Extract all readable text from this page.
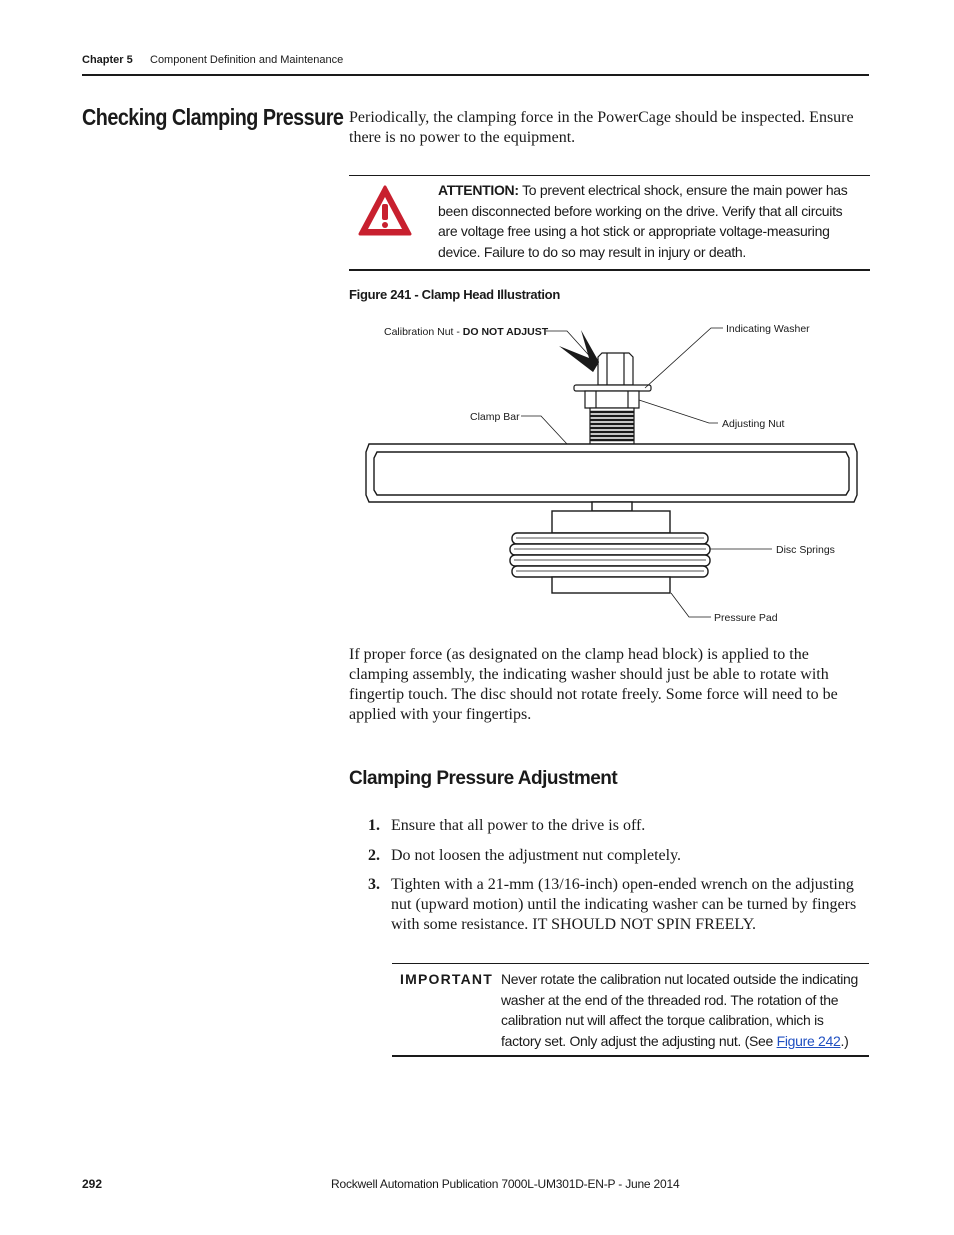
Chapter 5 Component Definition and Maintenance
Checking Clamping Pressure Periodically, the clamping force in the PowerCage should be inspected. Ensure there is no power to the equipment.
ATTENTION: To prevent electrical shock, ensure the main power has been disconnected before working on the drive. Verify that all circuits are voltage free using a hot stick or appropriate voltage-measuring device. Failure to do so may result in injury or death.
Figure 241 - Clamp Head Illustration
Calibration Nut - DO NOT ADJUST	Indicating Washer
Clamp Bar
Adjusting Nut
Disc Springs
Pressure Pad
If proper force (as designated on the clamp head block) is applied to the clamping assembly, the indicating washer should just be able to rotate with fingertip touch. The disc should not rotate freely. Some force will need to be applied with your fingertips.
Clamping Pressure Adjustment
1. Ensure that all power to the drive is off.
2. Do not loosen the adjustment nut completely.
3. Tighten with a 21-mm (13/16-inch) open-ended wrench on the adjusting nut (upward motion) until the indicating washer can be turned by fingers with some resistance. IT SHOULD NOT SPIN FREELY.
IMPORTANT Never rotate the calibration nut located outside the indicating washer at the end of the threaded rod. The rotation of the calibration nut will affect the torque calibration, which is factory set. Only adjust the adjusting nut. (See Figure 242.)
292	Rockwell Automation Publication 7000L-UM301D-EN-P - June 2014
